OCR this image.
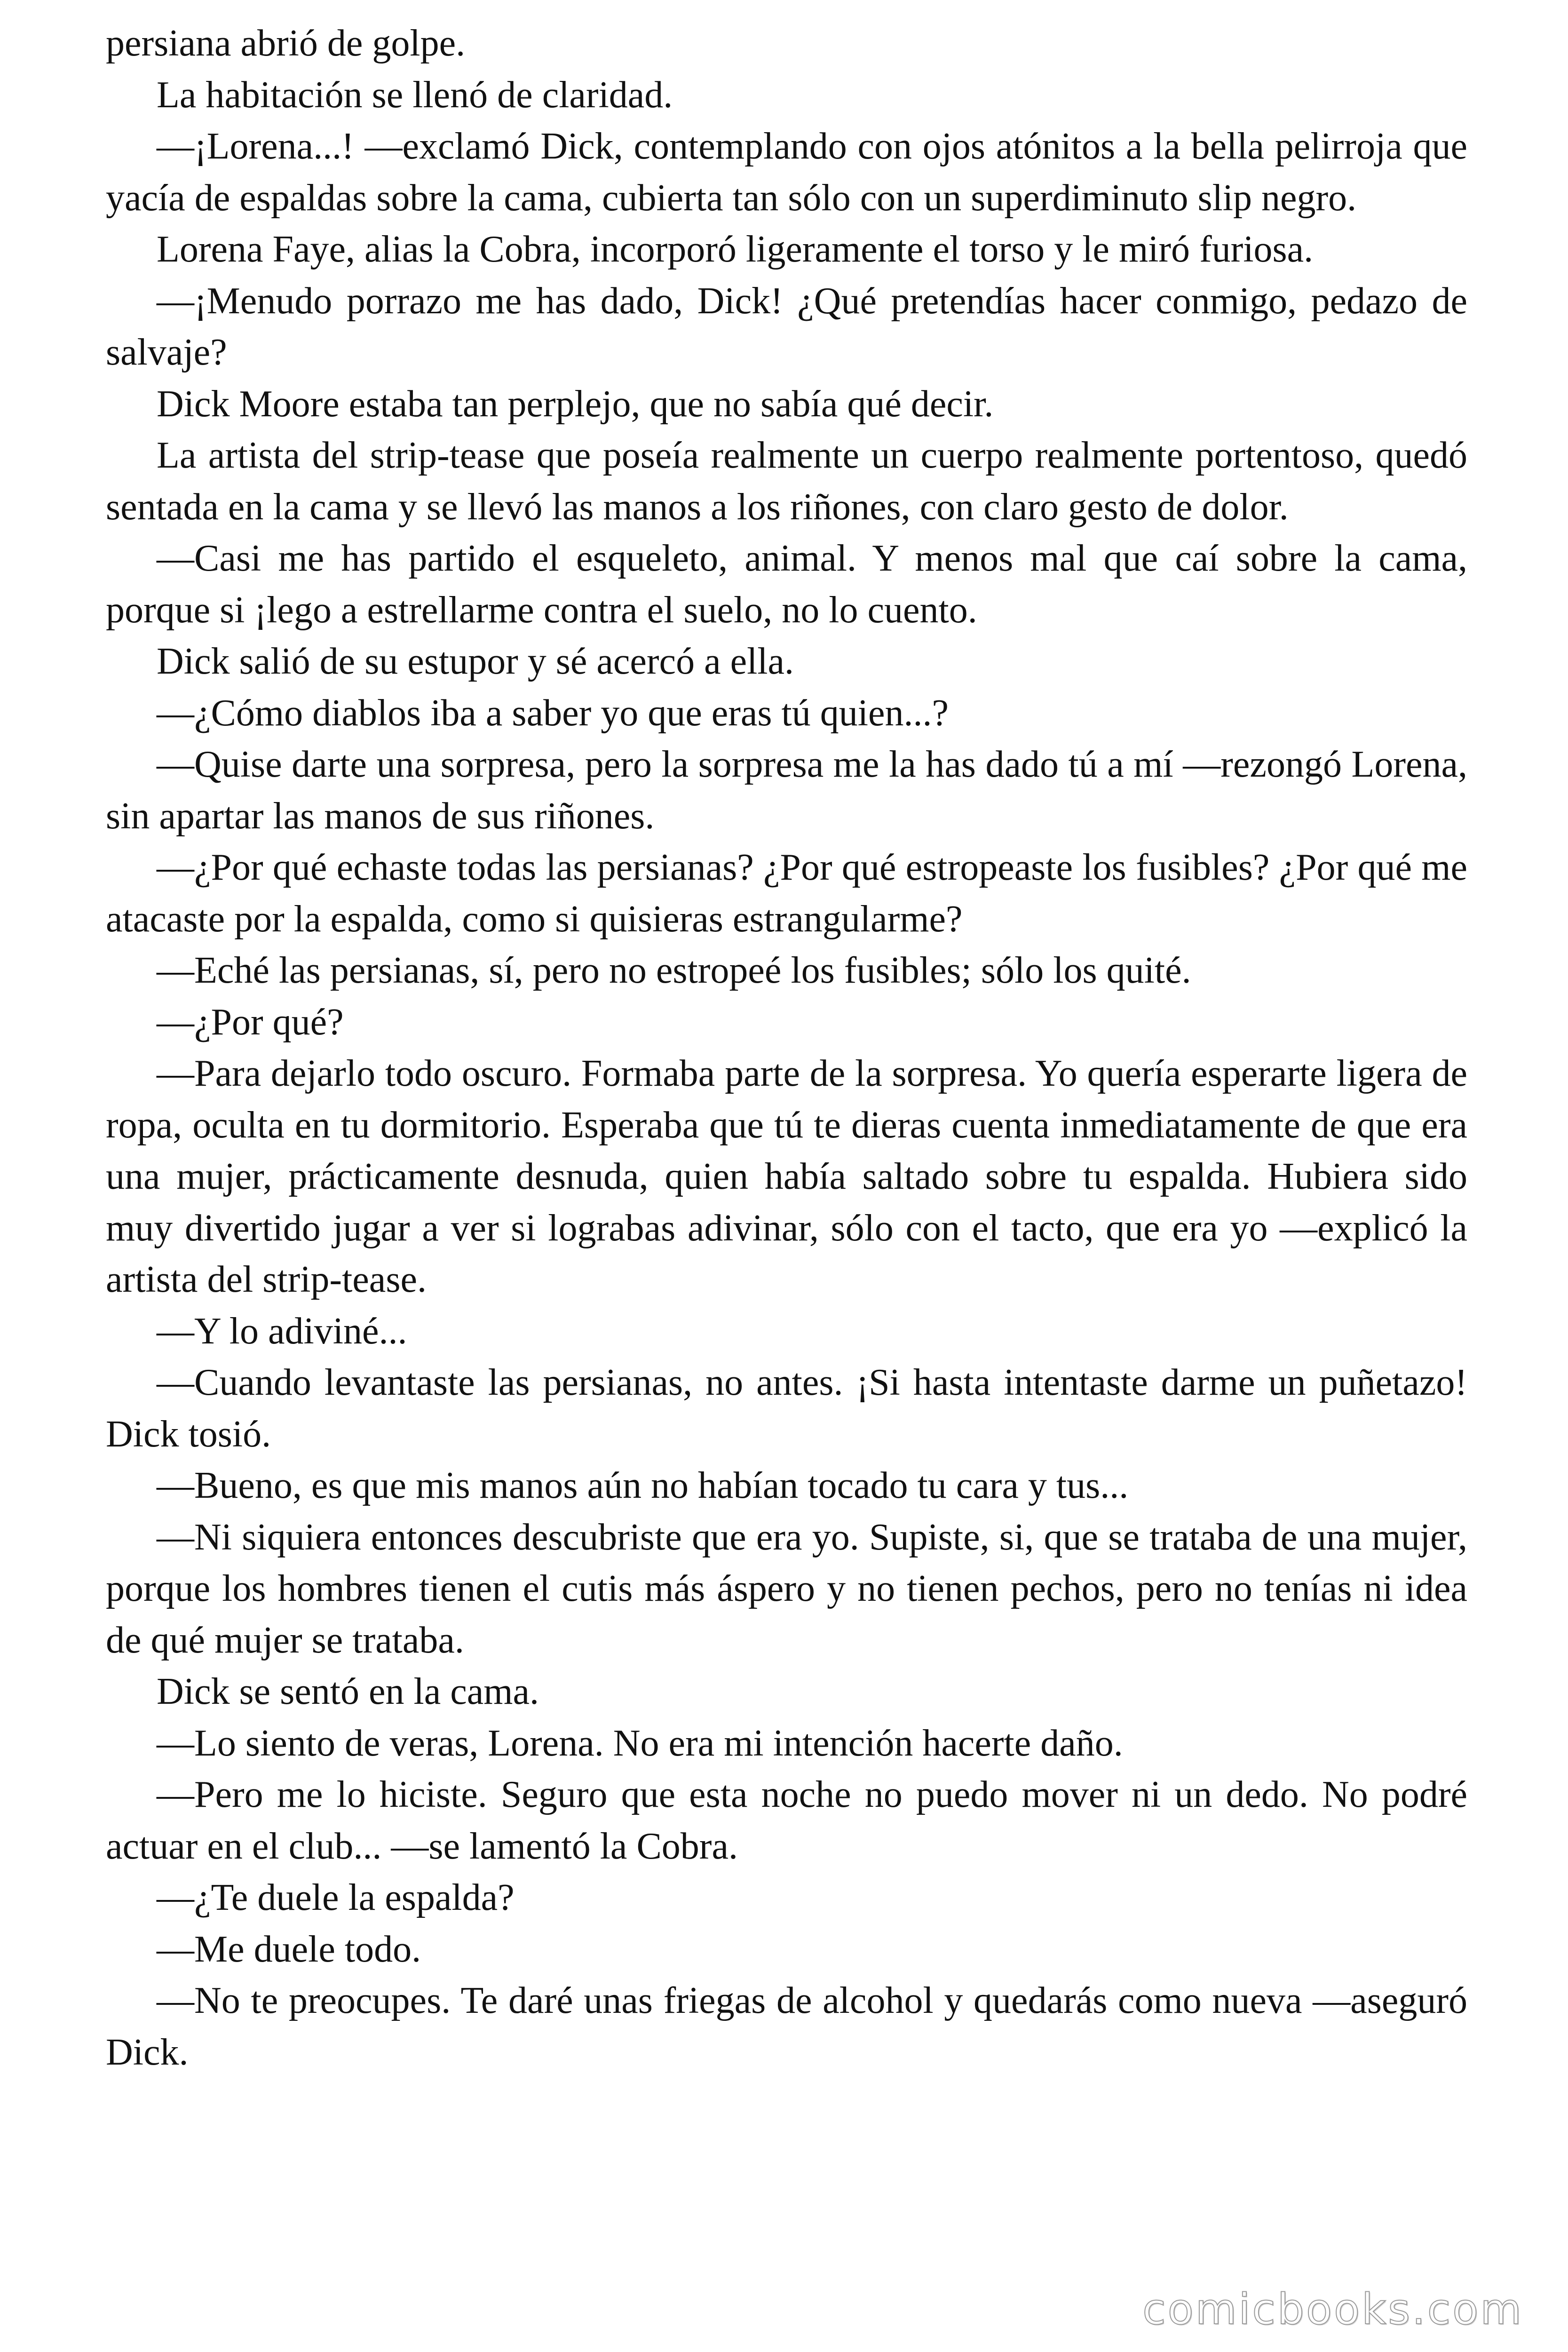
persiana abrió de golpe.

La habitación se llenó de claridad.

—¡Lorena...! —exclamó Dick, contemplando con ojos atónitos a la bella pelirroja que yacía de espaldas sobre la cama, cubierta tan sólo con un superdiminuto slip negro.

Lorena Faye, alias la Cobra, incorporó ligeramente el torso y le miró furiosa.

—¡Menudo porrazo me has dado, Dick! ¿Qué pretendías hacer conmigo, pedazo de salvaje?

Dick Moore estaba tan perplejo, que no sabía qué decir.

La artista del strip-tease que poseía realmente un cuerpo realmente portentoso, quedó sentada en la cama y se llevó las manos a los riñones, con claro gesto de dolor.

—Casi me has partido el esqueleto, animal. Y menos mal que caí sobre la cama, porque si ¡lego a estrellarme contra el suelo, no lo cuento.

Dick salió de su estupor y sé acercó a ella.

—¿Cómo diablos iba a saber yo que eras tú quien...?

—Quise darte una sorpresa, pero la sorpresa me la has dado tú a mí —rezongó Lorena, sin apartar las manos de sus riñones.

—¿Por qué echaste todas las persianas? ¿Por qué estropeaste los fusibles? ¿Por qué me atacaste por la espalda, como si quisieras estrangularme?

—Eché las persianas, sí, pero no estropeé los fusibles; sólo los quité.

—¿Por qué?

—Para dejarlo todo oscuro. Formaba parte de la sorpresa. Yo quería esperarte ligera de ropa, oculta en tu dormitorio. Esperaba que tú te dieras cuenta inmediatamente de que era una mujer, prácticamente desnuda, quien había saltado sobre tu espalda. Hubiera sido muy divertido jugar a ver si lograbas adivinar, sólo con el tacto, que era yo —explicó la artista del strip-tease.

—Y lo adiviné...

—Cuando levantaste las persianas, no antes. ¡Si hasta intentaste darme un puñetazo! Dick tosió.

—Bueno, es que mis manos aún no habían tocado tu cara y tus...

—Ni siquiera entonces descubriste que era yo. Supiste, si, que se trataba de una mujer, porque los hombres tienen el cutis más áspero y no tienen pechos, pero no tenías ni idea de qué mujer se trataba.

Dick se sentó en la cama.

—Lo siento de veras, Lorena. No era mi intención hacerte daño.

—Pero me lo hiciste. Seguro que esta noche no puedo mover ni un dedo. No podré actuar en el club... —se lamentó la Cobra.

—¿Te duele la espalda?

—Me duele todo.

—No te preocupes. Te daré unas friegas de alcohol y quedarás como nueva —aseguró Dick.

comicbooks.com
